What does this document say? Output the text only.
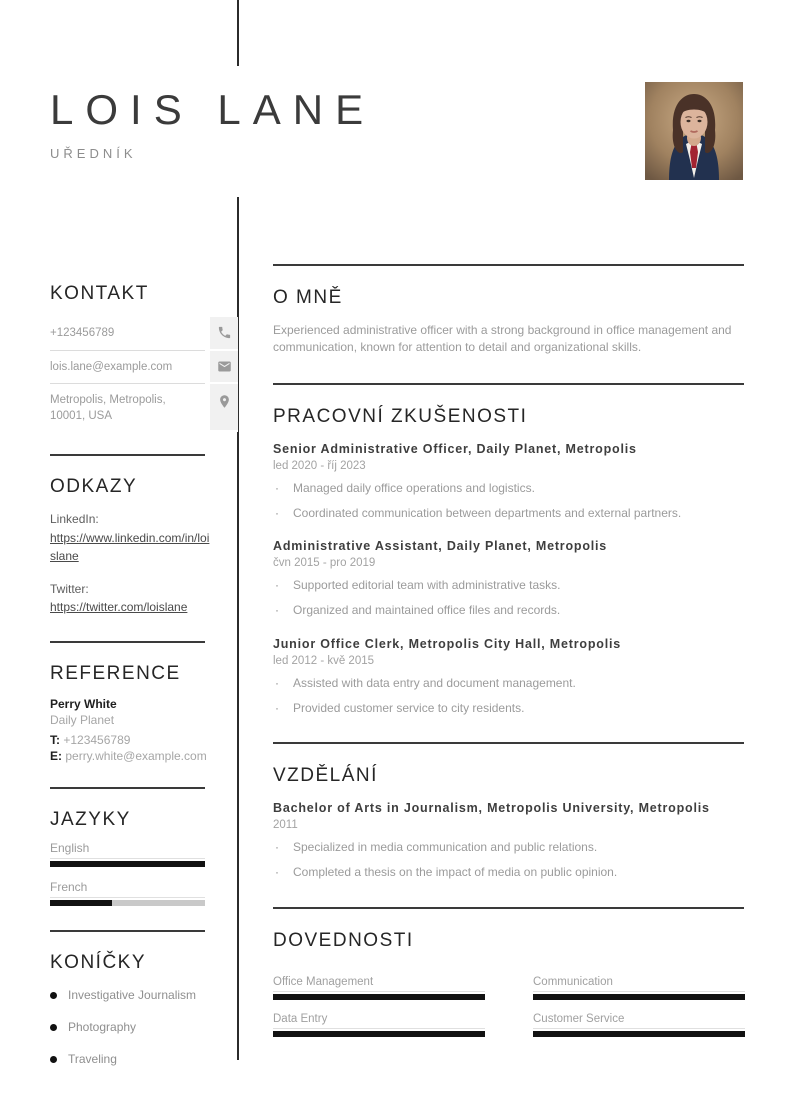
LOIS LANE
UŘEDNÍK
KONTAKT
+123456789
lois.lane@example.com
Metropolis, Metropolis, 10001, USA
ODKAZY
LinkedIn:
https://www.linkedin.com/in/loislane
Twitter:
https://twitter.com/loislane
REFERENCE
Perry White
Daily Planet
T: +123456789
E: perry.white@example.com
JAZYKY
English
French
KONÍČKY
Investigative Journalism
Photography
Traveling
O MNĚ

Experienced administrative officer with a strong background in office management and communication, known for attention to detail and organizational skills.

PRACOVNÍ ZKUŠENOSTI
Senior Administrative Officer, Daily Planet, Metropolis
led 2020 - říj 2023
·	Managed daily office operations and logistics.
·	Coordinated communication between departments and external partners.
Administrative Assistant, Daily Planet, Metropolis
čvn 2015 - pro 2019
·	Supported editorial team with administrative tasks.
·	Organized and maintained office files and records.
Junior Office Clerk, Metropolis City Hall, Metropolis
led 2012 - kvě 2015
·	Assisted with data entry and document management.
·	Provided customer service to city residents.
VZDĚLÁNÍ
Bachelor of Arts in Journalism, Metropolis University, Metropolis
2011
·	Specialized in media communication and public relations.
·	Completed a thesis on the impact of media on public opinion.
DOVEDNOSTI
Office Management	Communication
Data Entry	Customer Service
